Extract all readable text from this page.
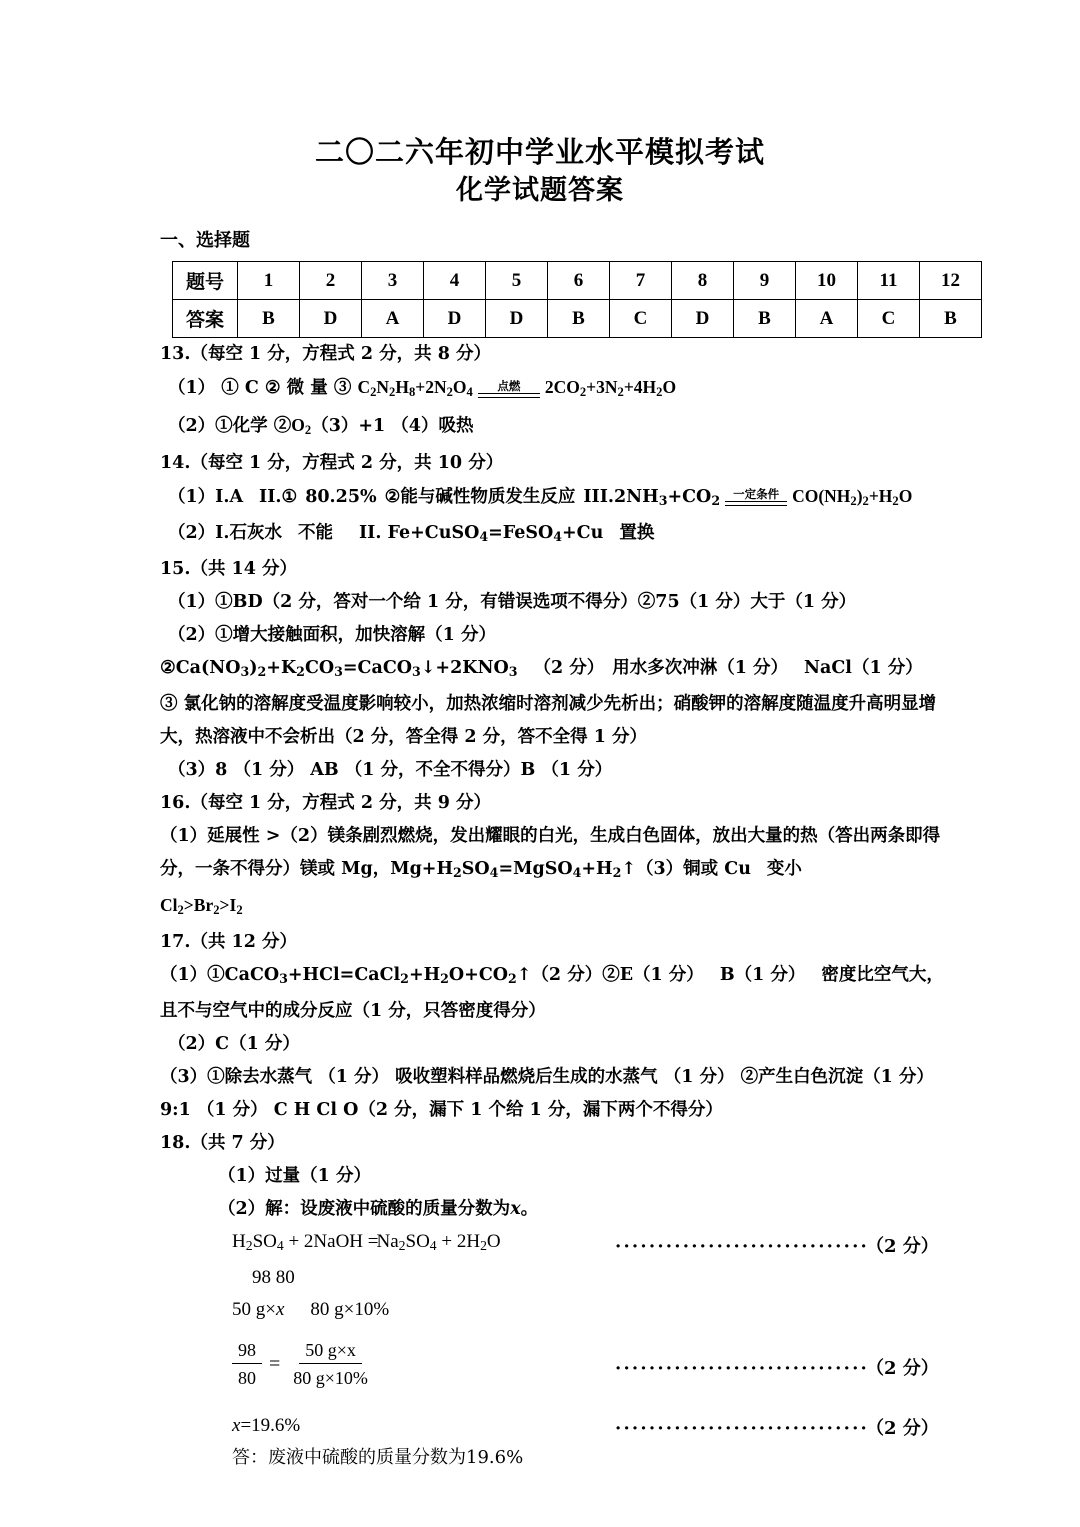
二〇二六年初中学业水平模拟考试
化学试题答案
一、选择题
题号	1	2	3	4	5	6	7	8	9	10	11	12
答案	B	D	A	D	D	B	C	D	B	A	C	B
13.（每空 1 分，方程式 2 分，共 8 分）
（1） ① C ② 微 量 ③ $C_2N_2H_8+2N_2O_4$	点燃	$2CO_2+3N_2+4H_2O$
（2）①化学 $②O_2(3)+1$ （4）吸热
14.（每空 1 分，方程式 2 分，共 10 分）
（1）I.A II.① 80.25% ②能与碱性物质发生反应 $III.2NH_3+CO_2$	一定条件 $CO(NH_2)_2+H_2O$
（2）I.石灰水 不能 II. Fe+CuSO$_4$=FeSO$_4$+Cu 置换
15.（共 14 分）
（1）①BD（2 分，答对一个给 1 分，有错误选项不得分）②75（1 分）大于（1 分）
（2）①增大接触面积，加快溶解（1 分）
$②Ca(NO_3)_2+K_2CO_3=CaCO_3↓+2KNO_3$ （2 分） 用水多次冲淋（1 分） NaCl（1 分）
③ 氯化钠的溶解度受温度影响较小，加热浓缩时溶剂减少先析出；硝酸钾的溶解度随温度升高明显增大，热溶液中不会析出（2 分，答全得 2 分，答不全得 1 分）
（3）8 （1 分） AB （1 分，不全不得分）B （1 分）
16.（每空 1 分，方程式 2 分，共 9 分）
（1）延展性 >（2）镁条剧烈燃烧，发出耀眼的白光，生成白色固体，放出大量的热（答出两条即得分，一条不得分）镁或 Mg，$Mg+H_2SO_4=MgSO_4+H_2↑(3)$铜或 Cu 变小
$Cl_2>Br_2>I_2$
17.（共 12 分）
$(1)①CaCO_3+HCl=CaCl_2+H_2O+CO_2↑(2$ 分）②E（1 分） B（1 分） 密度比空气大，且不与空气中的成分反应（1 分，只答密度得分）
（2）C（1 分）
（3）①除去水蒸气 （1 分） 吸收塑料样品燃烧后生成的水蒸气 （1 分） ②产生白色沉淀（1 分） 9:1 （1 分） C H Cl O（2 分，漏下 1 个给 1 分，漏下两个不得分）
18.（共 7 分）
（1）过量（1 分）
（2）解：设废液中硫酸的质量分数为x。
$H_2SO_4$ + 2NaOH $=Na_2SO_4 + 2H_2O$	······························ （2 分）
98 80
50 g×x 80 g×10%
$\frac{98}{80} = \frac{50 g\times x}{80 g\times 10\%}$	······························ （2 分）
x=19.6%	······························ （2 分）
答：废液中硫酸的质量分数为19.6%
